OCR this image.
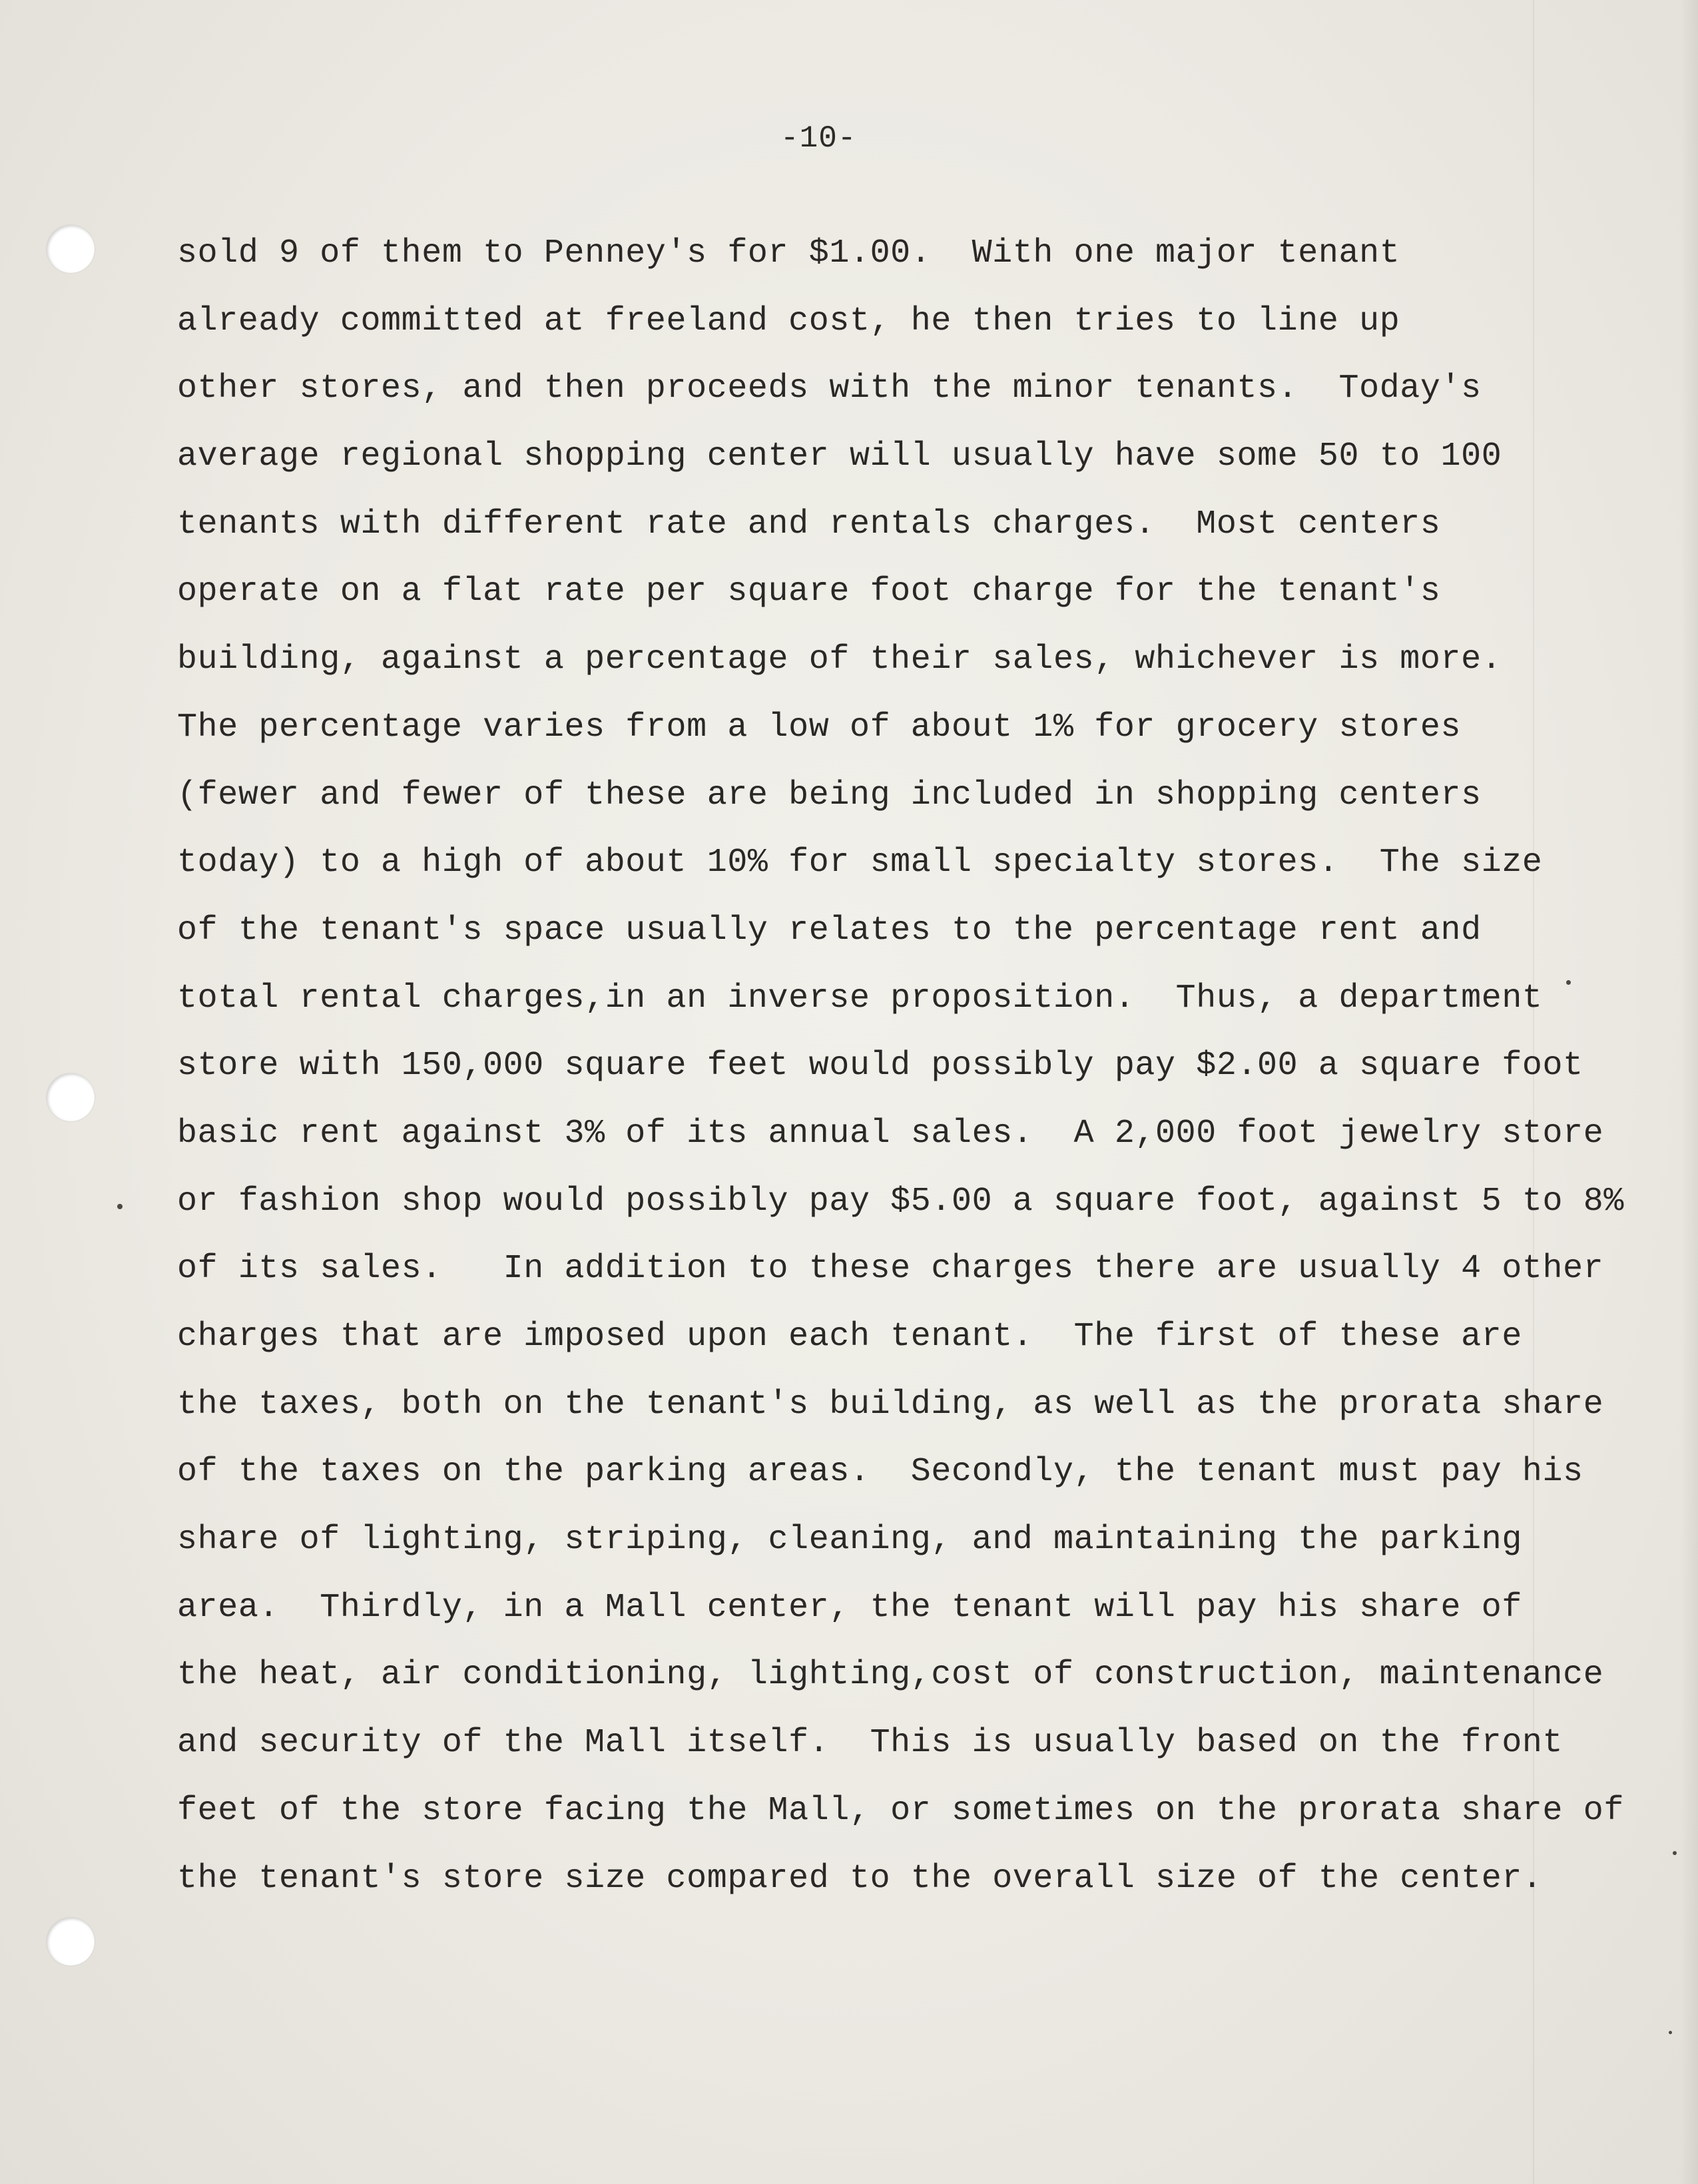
-10-
sold 9 of them to Penney's for $1.00.  With one major tenant
already committed at freeland cost, he then tries to line up
other stores, and then proceeds with the minor tenants.  Today's
average regional shopping center will usually have some 50 to 100
tenants with different rate and rentals charges.  Most centers
operate on a flat rate per square foot charge for the tenant's
building, against a percentage of their sales, whichever is more.
The percentage varies from a low of about 1% for grocery stores
(fewer and fewer of these are being included in shopping centers
today) to a high of about 10% for small specialty stores.  The size
of the tenant's space usually relates to the percentage rent and
total rental charges,in an inverse proposition.  Thus, a department
store with 150,000 square feet would possibly pay $2.00 a square foot
basic rent against 3% of its annual sales.  A 2,000 foot jewelry store
or fashion shop would possibly pay $5.00 a square foot, against 5 to 8%
of its sales.   In addition to these charges there are usually 4 other
charges that are imposed upon each tenant.  The first of these are
the taxes, both on the tenant's building, as well as the prorata share
of the taxes on the parking areas.  Secondly, the tenant must pay his
share of lighting, striping, cleaning, and maintaining the parking
area.  Thirdly, in a Mall center, the tenant will pay his share of
the heat, air conditioning, lighting,cost of construction, maintenance
and security of the Mall itself.  This is usually based on the front
feet of the store facing the Mall, or sometimes on the prorata share of
the tenant's store size compared to the overall size of the center.
